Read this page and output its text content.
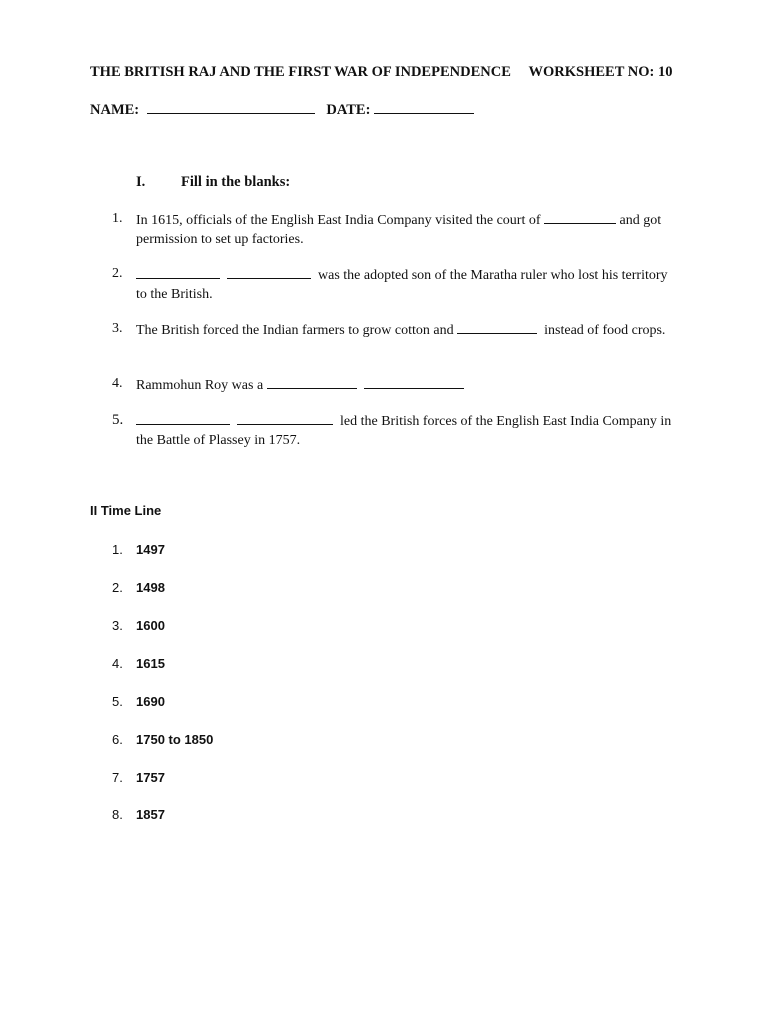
THE BRITISH RAJ AND THE FIRST WAR OF INDEPENDENCE WORKSHEET NO: 10
NAME:	DATE:
I. Fill in the blanks:
1. In 1615, officials of the English East India Company visited the court of	and got permission to set up factories.
2.	was the adopted son of the Maratha ruler who lost his territory to the British.
3. The British forced the Indian farmers to grow cotton and	instead of food crops.
4. Rammohun Roy was a
5.	led the British forces of the English East India Company in the Battle of Plassey in 1757.
II Time Line
1. 1497
2. 1498
3. 1600
4. 1615
5. 1690
6. 1750 to 1850
7. 1757
8. 1857
